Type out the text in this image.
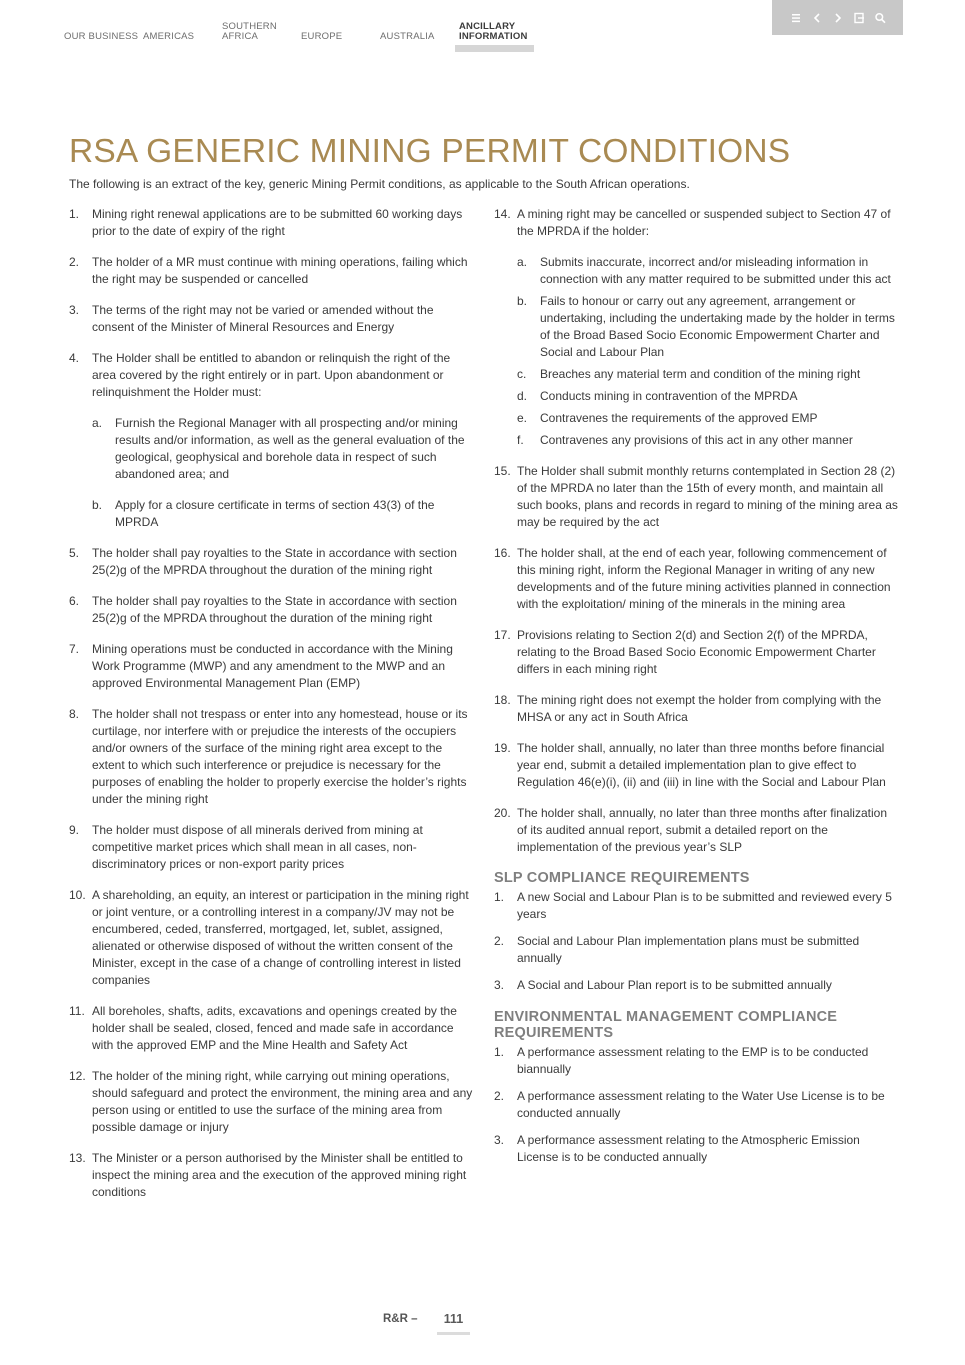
OUR BUSINESS AMERICAS
SOUTHERN AFRICA	EUROPE	AUSTRALIA
ANCILLARY INFORMATION
RSA GENERIC MINING PERMIT CONDITIONS
The following is an extract of the key, generic Mining Permit conditions, as applicable to the South African operations.
1. Mining right renewal applications are to be submitted 60 working days prior to the date of expiry of the right
2. The holder of a MR must continue with mining operations, failing which the right may be suspended or cancelled
3. The terms of the right may not be varied or amended without the consent of the Minister of Mineral Resources and Energy
4. The Holder shall be entitled to abandon or relinquish the right of the area covered by the right entirely or in part. Upon abandonment or relinquishment the Holder must:
a. Furnish the Regional Manager with all prospecting and/or mining results and/or information, as well as the general evaluation of the geological, geophysical and borehole data in respect of such abandoned area; and
b. Apply for a closure certificate in terms of section 43(3) of the MPRDA
5. The holder shall pay royalties to the State in accordance with section 25(2)g of the MPRDA throughout the duration of the mining right
6. The holder shall pay royalties to the State in accordance with section 25(2)g of the MPRDA throughout the duration of the mining right
7. Mining operations must be conducted in accordance with the Mining Work Programme (MWP) and any amendment to the MWP and an approved Environmental Management Plan (EMP)
8. The holder shall not trespass or enter into any homestead, house or its curtilage, nor interfere with or prejudice the interests of the occupiers and/or owners of the surface of the mining right area except to the extent to which such interference or prejudice is necessary for the purposes of enabling the holder to properly exercise the holder’s rights under the mining right
9. The holder must dispose of all minerals derived from mining at competitive market prices which shall mean in all cases, non-discriminatory prices or non-export parity prices
10. A shareholding, an equity, an interest or participation in the mining right or joint venture, or a controlling interest in a company/JV may not be encumbered, ceded, transferred, mortgaged, let, sublet, assigned, alienated or otherwise disposed of without the written consent of the Minister, except in the case of a change of controlling interest in listed companies
11. All boreholes, shafts, adits, excavations and openings created by the holder shall be sealed, closed, fenced and made safe in accordance with the approved EMP and the Mine Health and Safety Act
12. The holder of the mining right, while carrying out mining operations, should safeguard and protect the environment, the mining area and any person using or entitled to use the surface of the mining area from possible damage or injury
13. The Minister or a person authorised by the Minister shall be entitled to inspect the mining area and the execution of the approved mining right conditions
14. A mining right may be cancelled or suspended subject to Section 47 of the MPRDA if the holder:
a. Submits inaccurate, incorrect and/or misleading information in connection with any matter required to be submitted under this act
b. Fails to honour or carry out any agreement, arrangement or undertaking, including the undertaking made by the holder in terms of the Broad Based Socio Economic Empowerment Charter and Social and Labour Plan
c. Breaches any material term and condition of the mining right
d. Conducts mining in contravention of the MPRDA
e. Contravenes the requirements of the approved EMP
f. Contravenes any provisions of this act in any other manner
15. The Holder shall submit monthly returns contemplated in Section 28 (2) of the MPRDA no later than the 15th of every month, and maintain all such books, plans and records in regard to mining of the mining area as may be required by the act
16. The holder shall, at the end of each year, following commencement of this mining right, inform the Regional Manager in writing of any new developments and of the future mining activities planned in connection with the exploitation/ mining of the minerals in the mining area
17. Provisions relating to Section 2(d) and Section 2(f) of the MPRDA, relating to the Broad Based Socio Economic Empowerment Charter differs in each mining right
18. The mining right does not exempt the holder from complying with the MHSA or any act in South Africa
19. The holder shall, annually, no later than three months before financial year end, submit a detailed implementation plan to give effect to Regulation 46(e)(i), (ii) and (iii) in line with the Social and Labour Plan
20. The holder shall, annually, no later than three months after finalization of its audited annual report, submit a detailed report on the implementation of the previous year’s SLP
SLP COMPLIANCE REQUIREMENTS
1. A new Social and Labour Plan is to be submitted and reviewed every 5 years
2. Social and Labour Plan implementation plans must be submitted annually
3. A Social and Labour Plan report is to be submitted annually
ENVIRONMENTAL MANAGEMENT COMPLIANCE REQUIREMENTS
1. A performance assessment relating to the EMP is to be conducted biannually
2. A performance assessment relating to the Water Use License is to be conducted annually
3. A performance assessment relating to the Atmospheric Emission License is to be conducted annually
R&R –	111
